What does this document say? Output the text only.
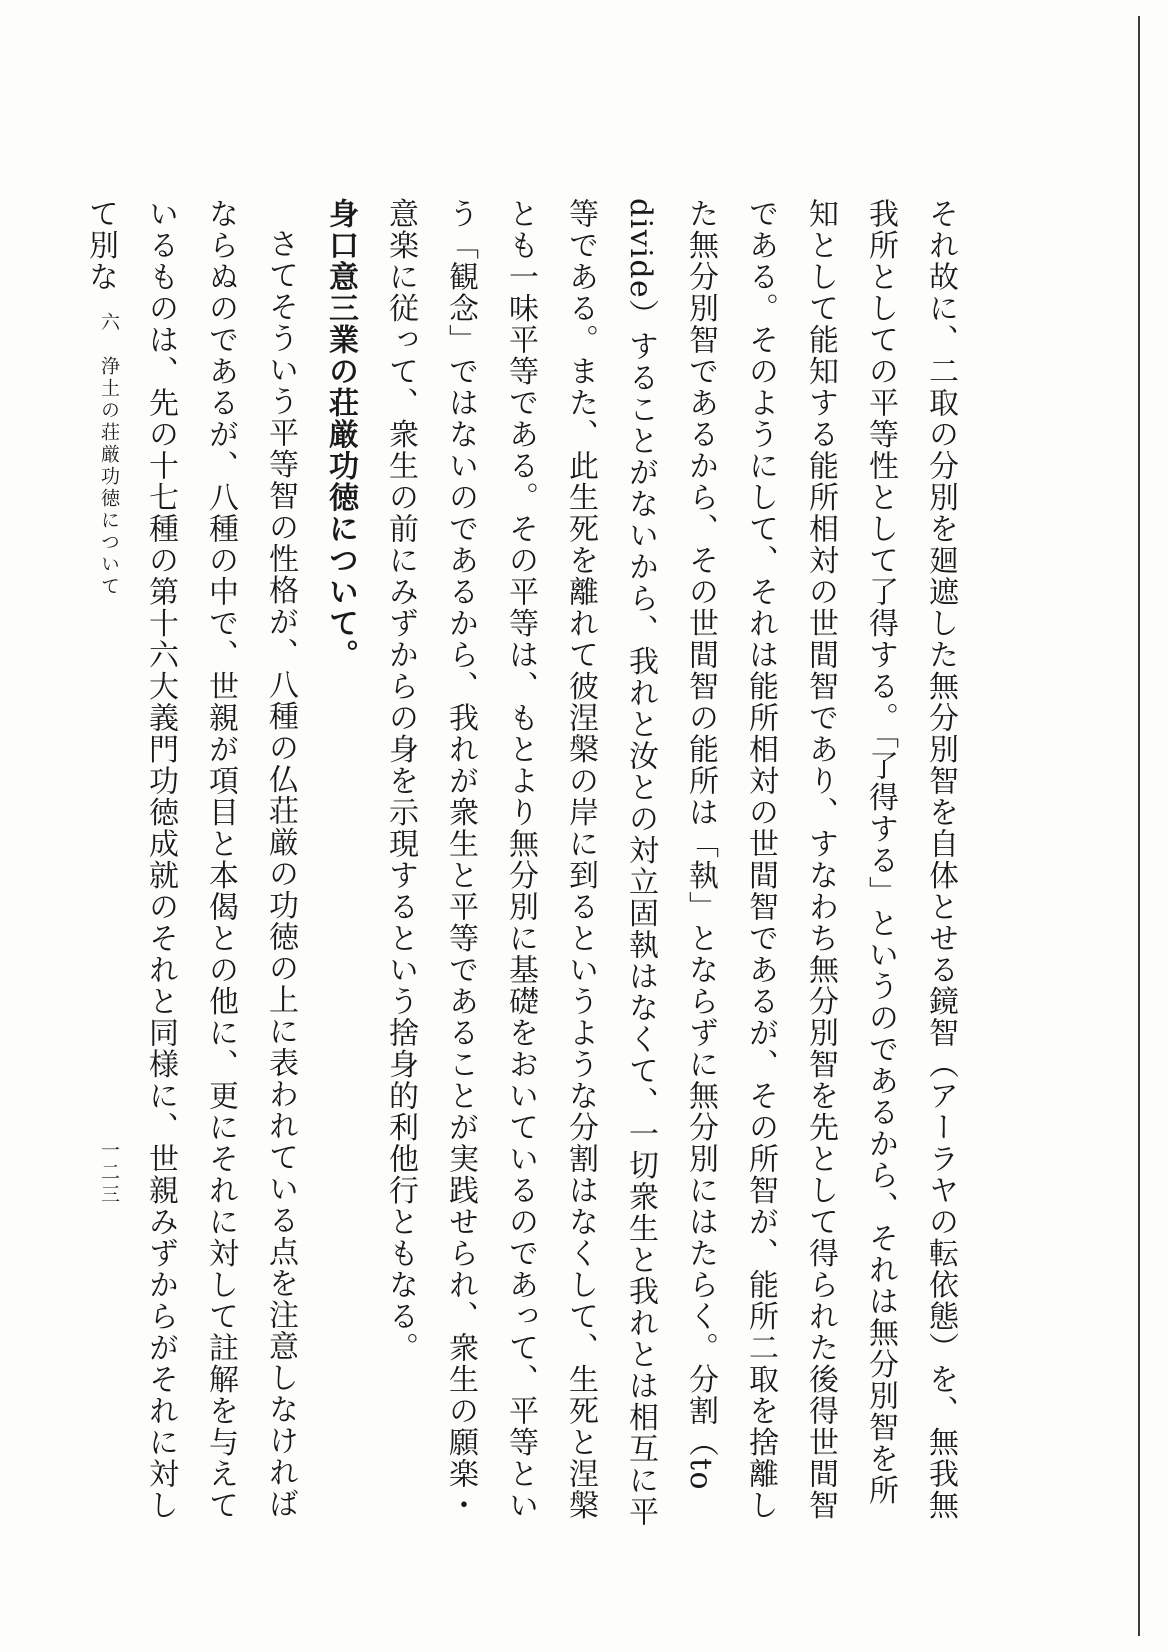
それ故に、二取の分別を廻遮した無分別智を自体とせる鏡智（アーラヤの転依態）を、無我無我所としての平等性として了得する。「了得する」というのであるから、それは無分別智を所知として能知する能所相対の世間智であり、すなわち無分別智を先として得られた後得世間智である。そのようにして、それは能所相対の世間智であるが、その所智が、能所二取を捨離した無分別智であるから、その世間智の能所は「執」とならずに無分別にはたらく。分割（to divide）することがないから、我れと汝との対立固執はなくて、一切衆生と我れとは相互に平等である。また、此生死を離れて彼涅槃の岸に到るというような分割はなくして、生死と涅槃とも一味平等である。その平等は、もとより無分別に基礎をおいているのであって、平等という「観念」ではないのであるから、我れが衆生と平等であることが実践せられ、衆生の願楽・意楽に従って、衆生の前にみずからの身を示現するという捨身的利他行ともなる。

身口意三業の荘厳功徳について。

さてそういう平等智の性格が、八種の仏荘厳の功徳の上に表われている点を注意しなければならぬのであるが、八種の中で、世親が項目と本偈との他に、更にそれに対して註解を与えているものは、先の十七種の第十六大義門功徳成就のそれと同様に、世親みずからがそれに対して別な

六　浄土の荘厳功徳について
一二三
